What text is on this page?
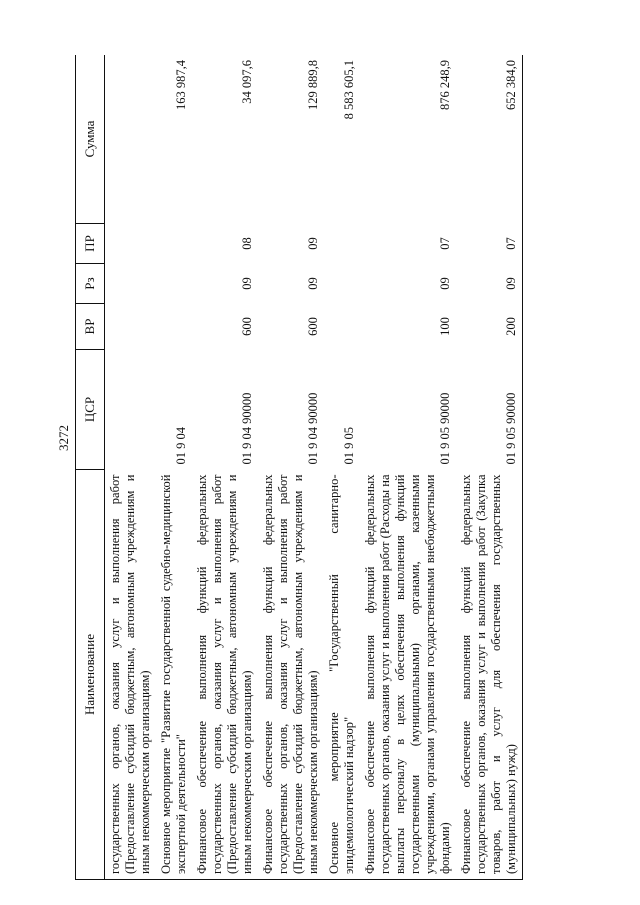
3272
Наименование	ЦСР	ВР	Рз	ПР	Сумма
государственных органов, оказания услуг и выполнения работ (Предоставление субсидий бюджетным, автономным учреждениям и иным некоммерческим организациям)					
Основное мероприятие "Развитие государственной судебно-медицинской экспертной деятельности"	01 9 04				163 987,4
Финансовое обеспечение выполнения функций федеральных государственных органов, оказания услуг и выполнения работ (Предоставление субсидий бюджетным, автономным учреждениям и иным некоммерческим организациям)	01 9 04 90000	600	09	08	34 097,6
Финансовое обеспечение выполнения функций федеральных государственных органов, оказания услуг и выполнения работ (Предоставление субсидий бюджетным, автономным учреждениям и иным некоммерческим организациям)	01 9 04 90000	600	09	09	129 889,8
Основное мероприятие "Государственный санитарно-эпидемиологический надзор"	01 9 05				8 583 605,1
Финансовое обеспечение выполнения функций федеральных государственных органов, оказания услуг и выполнения работ (Расходы на выплаты персоналу в целях обеспечения выполнения функций государственными (муниципальными) органами, казенными учреждениями, органами управления государственными внебюджетными фондами)	01 9 05 90000	100	09	07	876 248,9
Финансовое обеспечение выполнения функций федеральных государственных органов, оказания услуг и выполнения работ (Закупка товаров, работ и услуг для обеспечения государственных (муниципальных) нужд)	01 9 05 90000	200	09	07	652 384,0
